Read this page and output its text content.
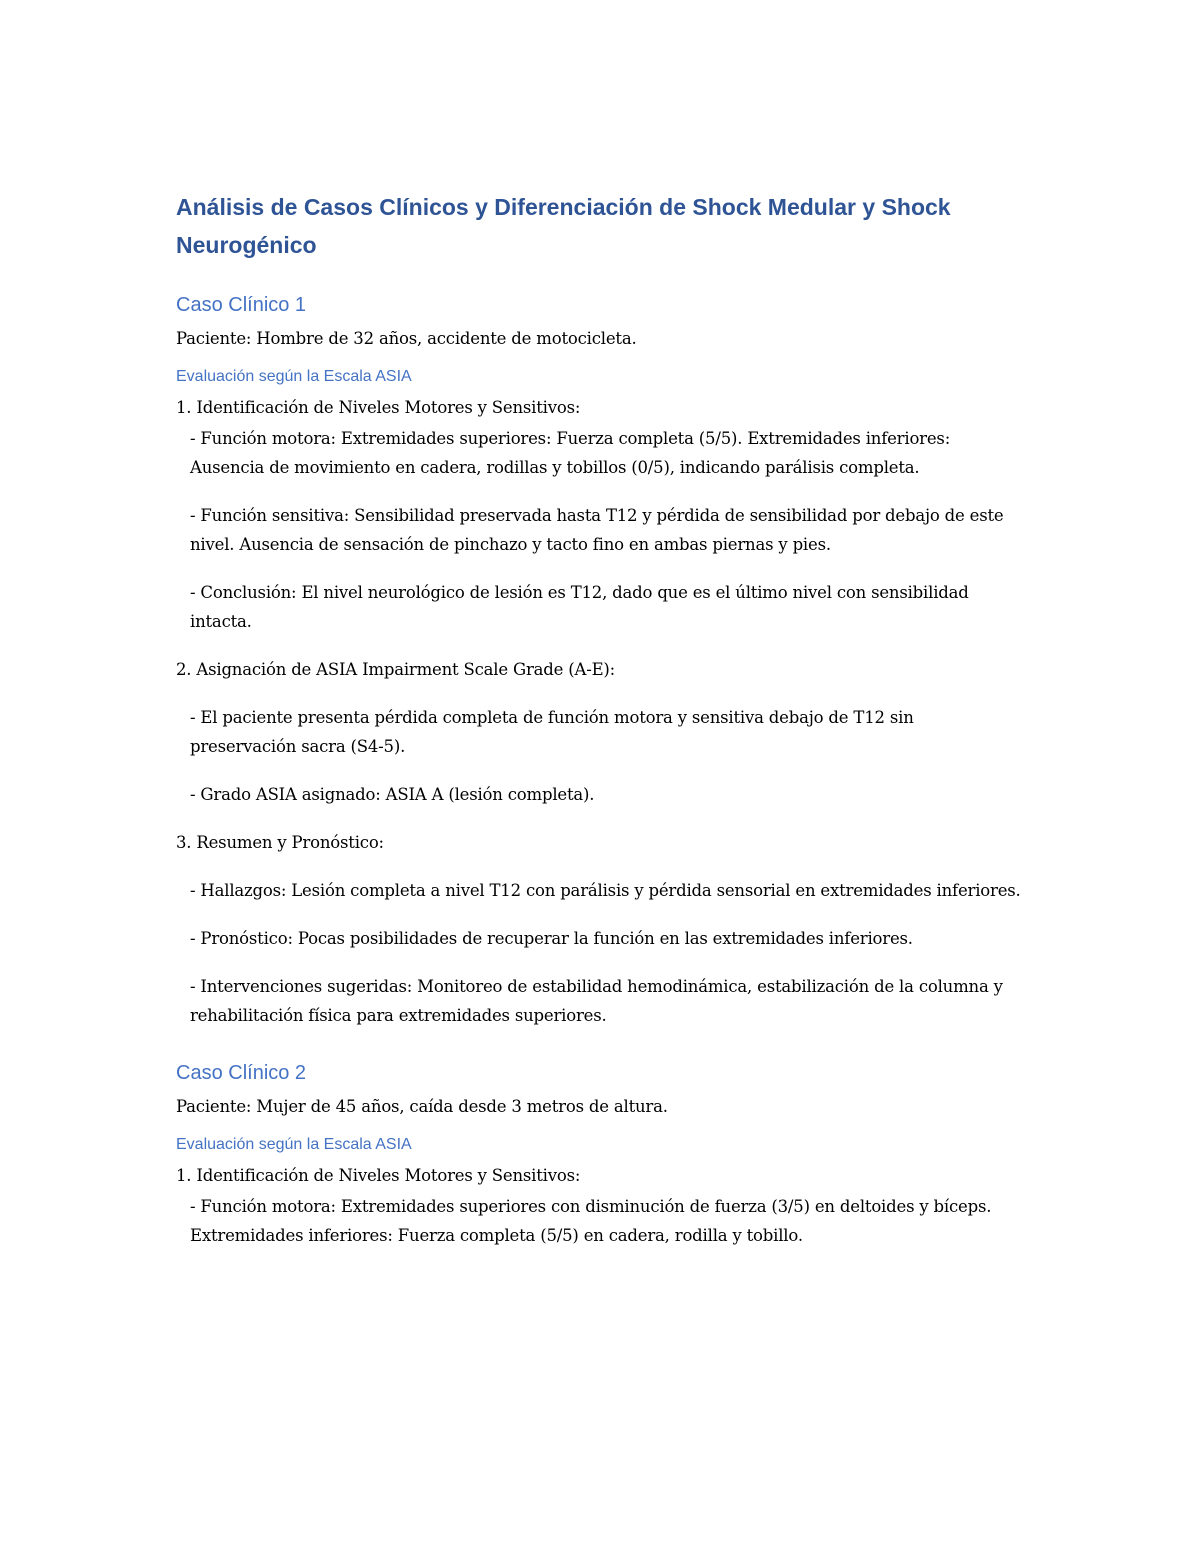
Análisis de Casos Clínicos y Diferenciación de Shock Medular y Shock Neurogénico
Caso Clínico 1
Paciente: Hombre de 32 años, accidente de motocicleta.
Evaluación según la Escala ASIA
1. Identificación de Niveles Motores y Sensitivos:
- Función motora: Extremidades superiores: Fuerza completa (5/5). Extremidades inferiores: Ausencia de movimiento en cadera, rodillas y tobillos (0/5), indicando parálisis completa.
- Función sensitiva: Sensibilidad preservada hasta T12 y pérdida de sensibilidad por debajo de este nivel. Ausencia de sensación de pinchazo y tacto fino en ambas piernas y pies.
- Conclusión: El nivel neurológico de lesión es T12, dado que es el último nivel con sensibilidad intacta.
2. Asignación de ASIA Impairment Scale Grade (A-E):
- El paciente presenta pérdida completa de función motora y sensitiva debajo de T12 sin preservación sacra (S4-5).
- Grado ASIA asignado: ASIA A (lesión completa).
3. Resumen y Pronóstico:
- Hallazgos: Lesión completa a nivel T12 con parálisis y pérdida sensorial en extremidades inferiores.
- Pronóstico: Pocas posibilidades de recuperar la función en las extremidades inferiores.
- Intervenciones sugeridas: Monitoreo de estabilidad hemodinámica, estabilización de la columna y rehabilitación física para extremidades superiores.
Caso Clínico 2
Paciente: Mujer de 45 años, caída desde 3 metros de altura.
Evaluación según la Escala ASIA
1. Identificación de Niveles Motores y Sensitivos:
- Función motora: Extremidades superiores con disminución de fuerza (3/5) en deltoides y bíceps. Extremidades inferiores: Fuerza completa (5/5) en cadera, rodilla y tobillo.
